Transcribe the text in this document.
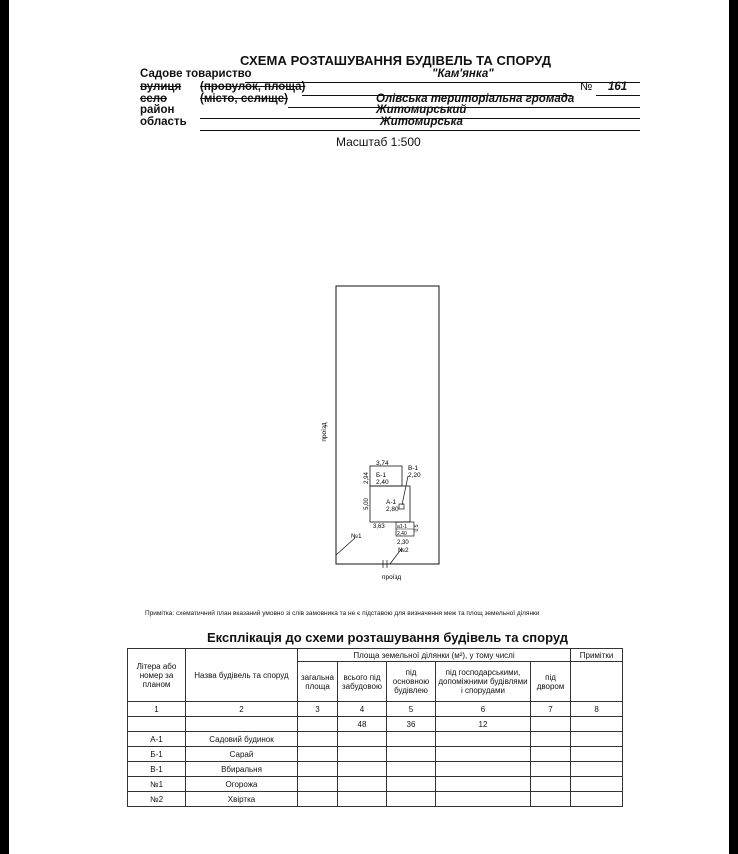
СХЕМА РОЗТАШУВАННЯ БУДІВЕЛЬ ТА СПОРУД
Садове товариство	"Кам'янка"
вулиця (провулок, площа)	№ 161
село	(місто, селище)	Олівська територіальна громада
район	Житомирський
область	Житомирська
Масштаб 1:500
проїзд
3,74
2,94 Б-1
2,40
В-1
2,20
5,00 А-1
2,80
3,63 а1-1
2,40
0,5
2,30
№1
№2
проїзд
Примітка: схематичний план вказаний умовно зі слів замовника та не є підставою для визначення меж та площ земельної ділянки
Експлікація до схеми розташування будівель та споруд
Літера або номер за планом	Назва будівель та споруд	Площа земельної ділянки (м²), у тому числі					Примітки
		загальна площа	всього під забудовою	під основною будівлею	під господарськими, допоміжними будівлями і спорудами	під двором	
1	2	3	4	5	6	7	8
			48	36	12		
А-1	Садовий будинок						
Б-1	Сарай						
В-1	Вбиральня						
№1	Огорожа						
№2	Хвіртка						
